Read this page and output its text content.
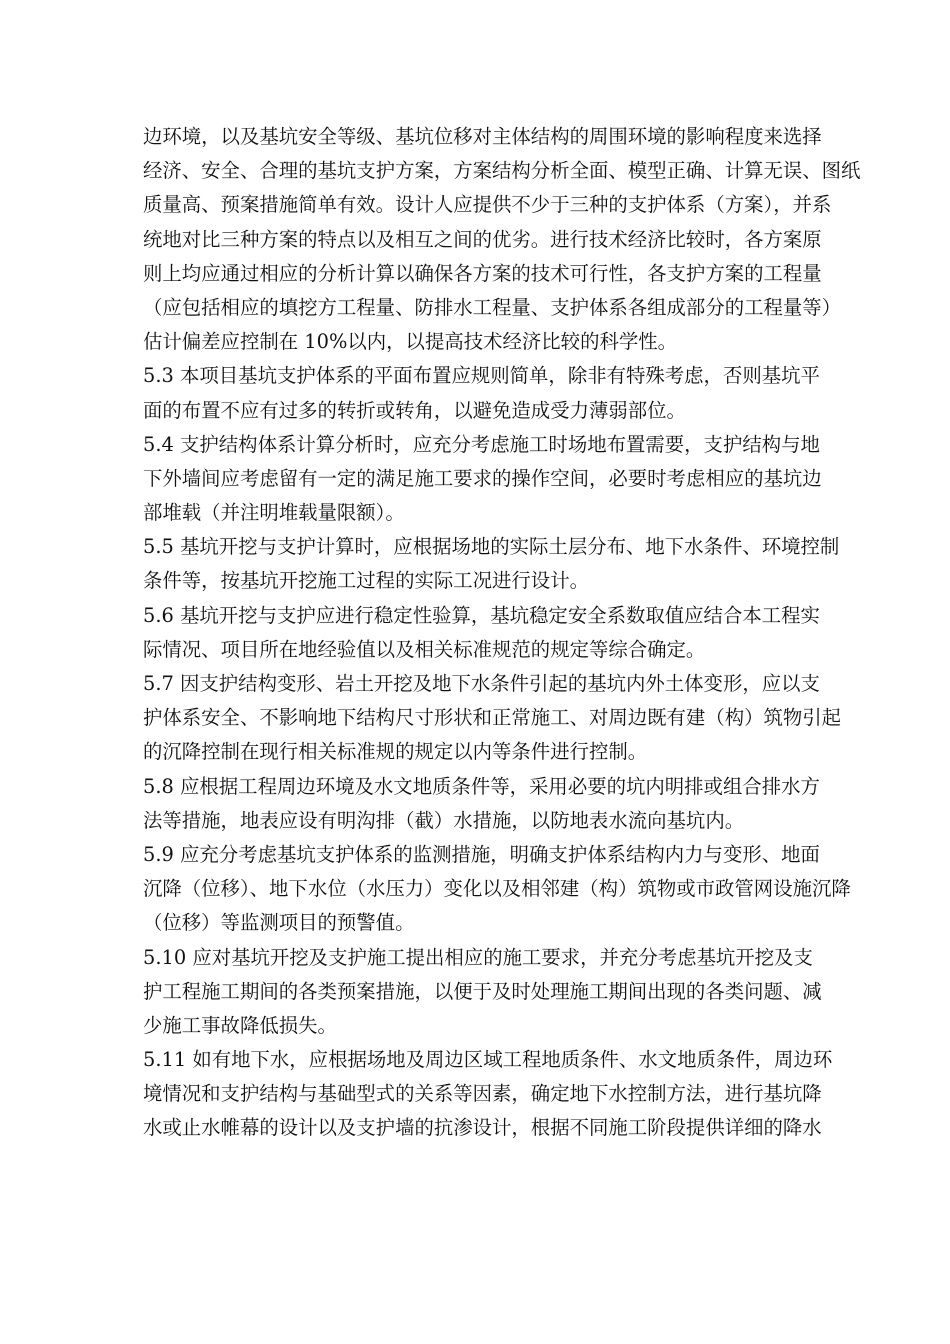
边环境，以及基坑安全等级、基坑位移对主体结构的周围环境的影响程度来选择
经济、安全、合理的基坑支护方案，方案结构分析全面、模型正确、计算无误、图纸
质量高、预案措施简单有效。设计人应提供不少于三种的支护体系（方案），并系
统地对比三种方案的特点以及相互之间的优劣。进行技术经济比较时，各方案原
则上均应通过相应的分析计算以确保各方案的技术可行性，各支护方案的工程量
（应包括相应的填挖方工程量、防排水工程量、支护体系各组成部分的工程量等）
估计偏差应控制在 10%以内，以提高技术经济比较的科学性。
5.3 本项目基坑支护体系的平面布置应规则简单，除非有特殊考虑，否则基坑平
面的布置不应有过多的转折或转角，以避免造成受力薄弱部位。
5.4 支护结构体系计算分析时，应充分考虑施工时场地布置需要，支护结构与地
下外墙间应考虑留有一定的满足施工要求的操作空间，必要时考虑相应的基坑边
部堆载（并注明堆载量限额）。
5.5 基坑开挖与支护计算时，应根据场地的实际土层分布、地下水条件、环境控制
条件等，按基坑开挖施工过程的实际工况进行设计。
5.6 基坑开挖与支护应进行稳定性验算，基坑稳定安全系数取值应结合本工程实
际情况、项目所在地经验值以及相关标准规范的规定等综合确定。
5.7 因支护结构变形、岩土开挖及地下水条件引起的基坑内外土体变形，应以支
护体系安全、不影响地下结构尺寸形状和正常施工、对周边既有建（构）筑物引起
的沉降控制在现行相关标准规的规定以内等条件进行控制。
5.8 应根据工程周边环境及水文地质条件等，采用必要的坑内明排或组合排水方
法等措施，地表应设有明沟排（截）水措施，以防地表水流向基坑内。
5.9 应充分考虑基坑支护体系的监测措施，明确支护体系结构内力与变形、地面
沉降（位移）、地下水位（水压力）变化以及相邻建（构）筑物或市政管网设施沉降
（位移）等监测项目的预警值。
5.10 应对基坑开挖及支护施工提出相应的施工要求，并充分考虑基坑开挖及支
护工程施工期间的各类预案措施，以便于及时处理施工期间出现的各类问题、减
少施工事故降低损失。
5.11 如有地下水，应根据场地及周边区域工程地质条件、水文地质条件，周边环
境情况和支护结构与基础型式的关系等因素，确定地下水控制方法，进行基坑降
水或止水帷幕的设计以及支护墙的抗渗设计，根据不同施工阶段提供详细的降水
